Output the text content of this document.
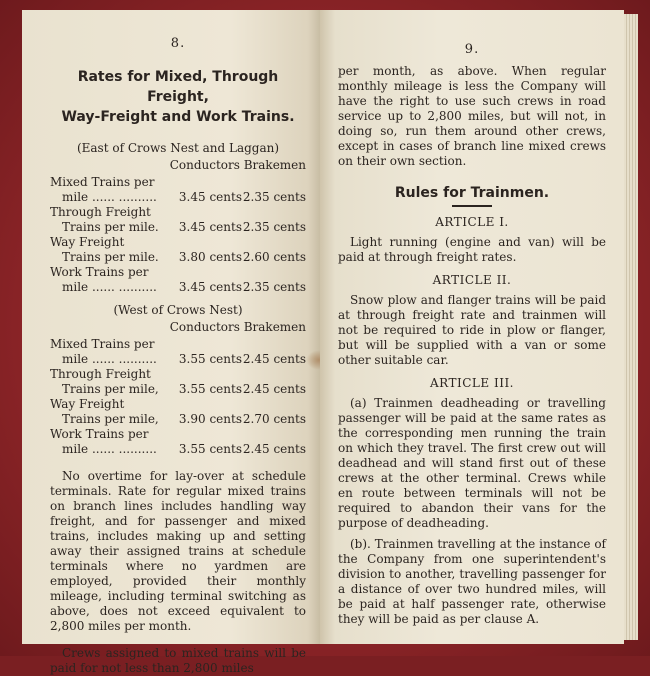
8.
Rates for Mixed, Through Freight,
Way-Freight and Work Trains.
(East of Crows Nest and Laggan)
Conductors Brakemen
Mixed Trains per
mile ...... ..........	3.45 cents 2.35 cents
Through Freight
Trains per mile.	3.45 cents 2.35 cents
Way Freight
Trains per mile.	3.80 cents 2.60 cents
Work Trains per
mile ...... ..........	3.45 cents 2.35 cents
(West of Crows Nest)
Conductors Brakemen
Mixed Trains per
mile ...... ..........	3.55 cents 2.45 cents
Through Freight
Trains per mile,	3.55 cents 2.45 cents
Way Freight
Trains per mile,	3.90 cents 2.70 cents
Work Trains per
mile ...... ..........	3.55 cents 2.45 cents

No overtime for lay-over at schedule terminals. Rate for regular mixed trains on branch lines includes handling way freight, and for passenger and mixed trains, includes making up and setting away their assigned trains at schedule terminals where no yardmen are employed, provided their monthly mileage, including terminal switching as above, does not exceed equivalent to 2,800 miles per month.

Crews assigned to mixed trains will be paid for not less than 2,800 miles

9.

per month, as above. When regular monthly mileage is less the Company will have the right to use such crews in road service up to 2,800 miles, but will not, in doing so, run them around other crews, except in cases of branch line mixed crews on their own section.

Rules for Trainmen.
ARTICLE I.

Light running (engine and van) will be paid at through freight rates.

ARTICLE II.

Snow plow and flanger trains will be paid at through freight rate and trainmen will not be required to ride in plow or flanger, but will be supplied with a van or some other suitable car.

ARTICLE III.

(a) Trainmen deadheading or travelling passenger will be paid at the same rates as the corresponding men running the train on which they travel. The first crew out will deadhead and will stand first out of these crews at the other terminal. Crews while en route between terminals will not be required to abandon their vans for the purpose of deadheading.

(b). Trainmen travelling at the instance of the Company from one superintendent's division to another, travelling passenger for a distance of over two hundred miles, will be paid at half passenger rate, otherwise they will be paid as per clause A.
